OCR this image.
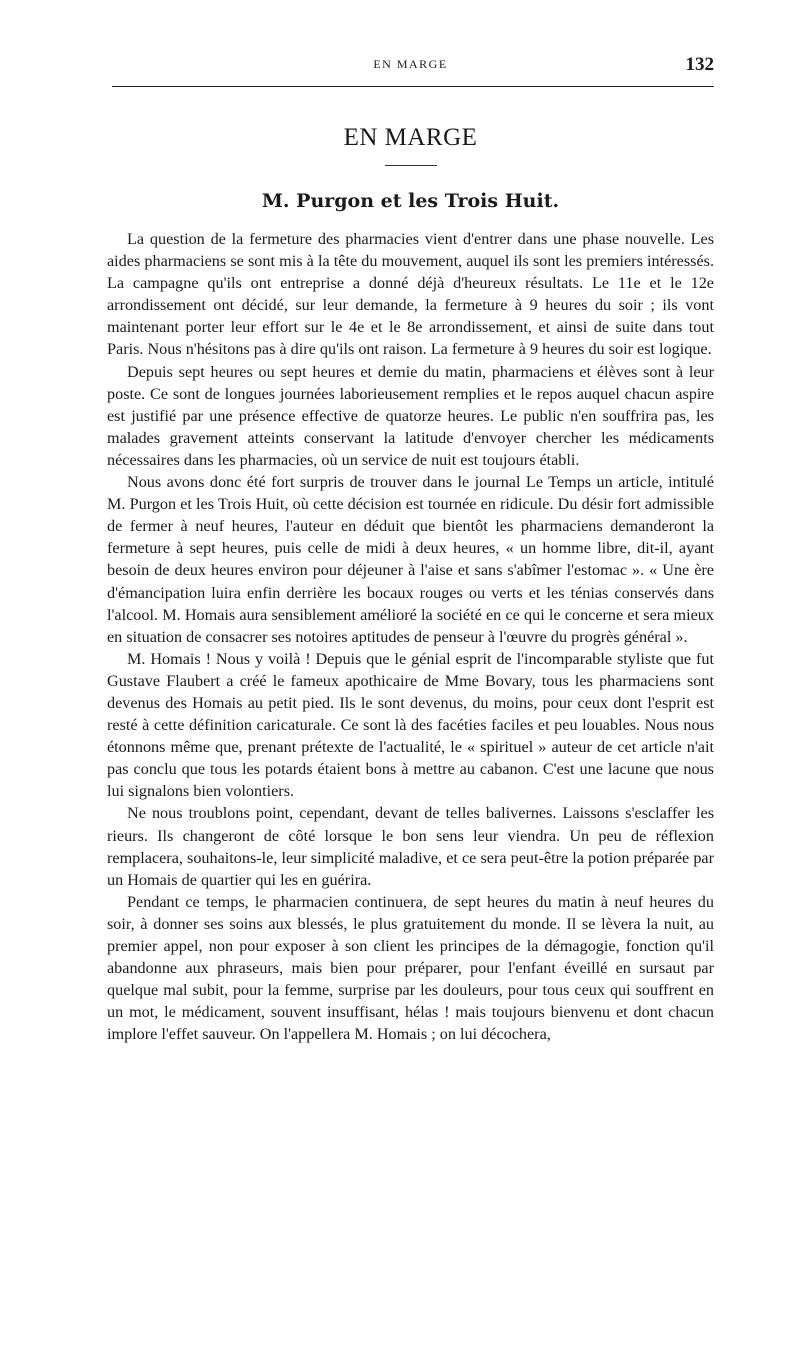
EN MARGE	132
EN MARGE
M. Purgon et les Trois Huit.

La question de la fermeture des pharmacies vient d'entrer dans une phase nouvelle. Les aides pharmaciens se sont mis à la tête du mouvement, auquel ils sont les premiers intéressés. La campagne qu'ils ont entreprise a donné déjà d'heureux résultats. Le 11e et le 12e arrondissement ont décidé, sur leur demande, la fermeture à 9 heures du soir ; ils vont maintenant porter leur effort sur le 4e et le 8e arrondissement, et ainsi de suite dans tout Paris. Nous n'hésitons pas à dire qu'ils ont raison. La fermeture à 9 heures du soir est logique.

Depuis sept heures ou sept heures et demie du matin, pharmaciens et élèves sont à leur poste. Ce sont de longues journées laborieusement remplies et le repos auquel chacun aspire est justifié par une présence effective de quatorze heures. Le public n'en souffrira pas, les malades gravement atteints conservant la latitude d'envoyer chercher les médicaments nécessaires dans les pharmacies, où un service de nuit est toujours établi.

Nous avons donc été fort surpris de trouver dans le journal Le Temps un article, intitulé M. Purgon et les Trois Huit, où cette décision est tournée en ridicule. Du désir fort admissible de fermer à neuf heures, l'auteur en déduit que bientôt les pharmaciens demanderont la fermeture à sept heures, puis celle de midi à deux heures, « un homme libre, dit-il, ayant besoin de deux heures environ pour déjeuner à l'aise et sans s'abîmer l'estomac ». « Une ère d'émancipation luira enfin derrière les bocaux rouges ou verts et les ténias conservés dans l'alcool. M. Homais aura sensiblement amélioré la société en ce qui le concerne et sera mieux en situation de consacrer ses notoires aptitudes de penseur à l'œuvre du progrès général ».

M. Homais ! Nous y voilà ! Depuis que le génial esprit de l'incomparable styliste que fut Gustave Flaubert a créé le fameux apothicaire de Mme Bovary, tous les pharmaciens sont devenus des Homais au petit pied. Ils le sont devenus, du moins, pour ceux dont l'esprit est resté à cette définition caricaturale. Ce sont là des facéties faciles et peu louables. Nous nous étonnons même que, prenant prétexte de l'actualité, le « spirituel » auteur de cet article n'ait pas conclu que tous les potards étaient bons à mettre au cabanon. C'est une lacune que nous lui signalons bien volontiers.

Ne nous troublons point, cependant, devant de telles balivernes. Laissons s'esclaffer les rieurs. Ils changeront de côté lorsque le bon sens leur viendra. Un peu de réflexion remplacera, souhaitons-le, leur simplicité maladive, et ce sera peut-être la potion préparée par un Homais de quartier qui les en guérira.

Pendant ce temps, le pharmacien continuera, de sept heures du matin à neuf heures du soir, à donner ses soins aux blessés, le plus gratuitement du monde. Il se lèvera la nuit, au premier appel, non pour exposer à son client les principes de la démagogie, fonction qu'il abandonne aux phraseurs, mais bien pour préparer, pour l'enfant éveillé en sursaut par quelque mal subit, pour la femme, surprise par les douleurs, pour tous ceux qui souffrent en un mot, le médicament, souvent insuffisant, hélas ! mais toujours bienvenu et dont chacun implore l'effet sauveur. On l'appellera M. Homais ; on lui décochera,
